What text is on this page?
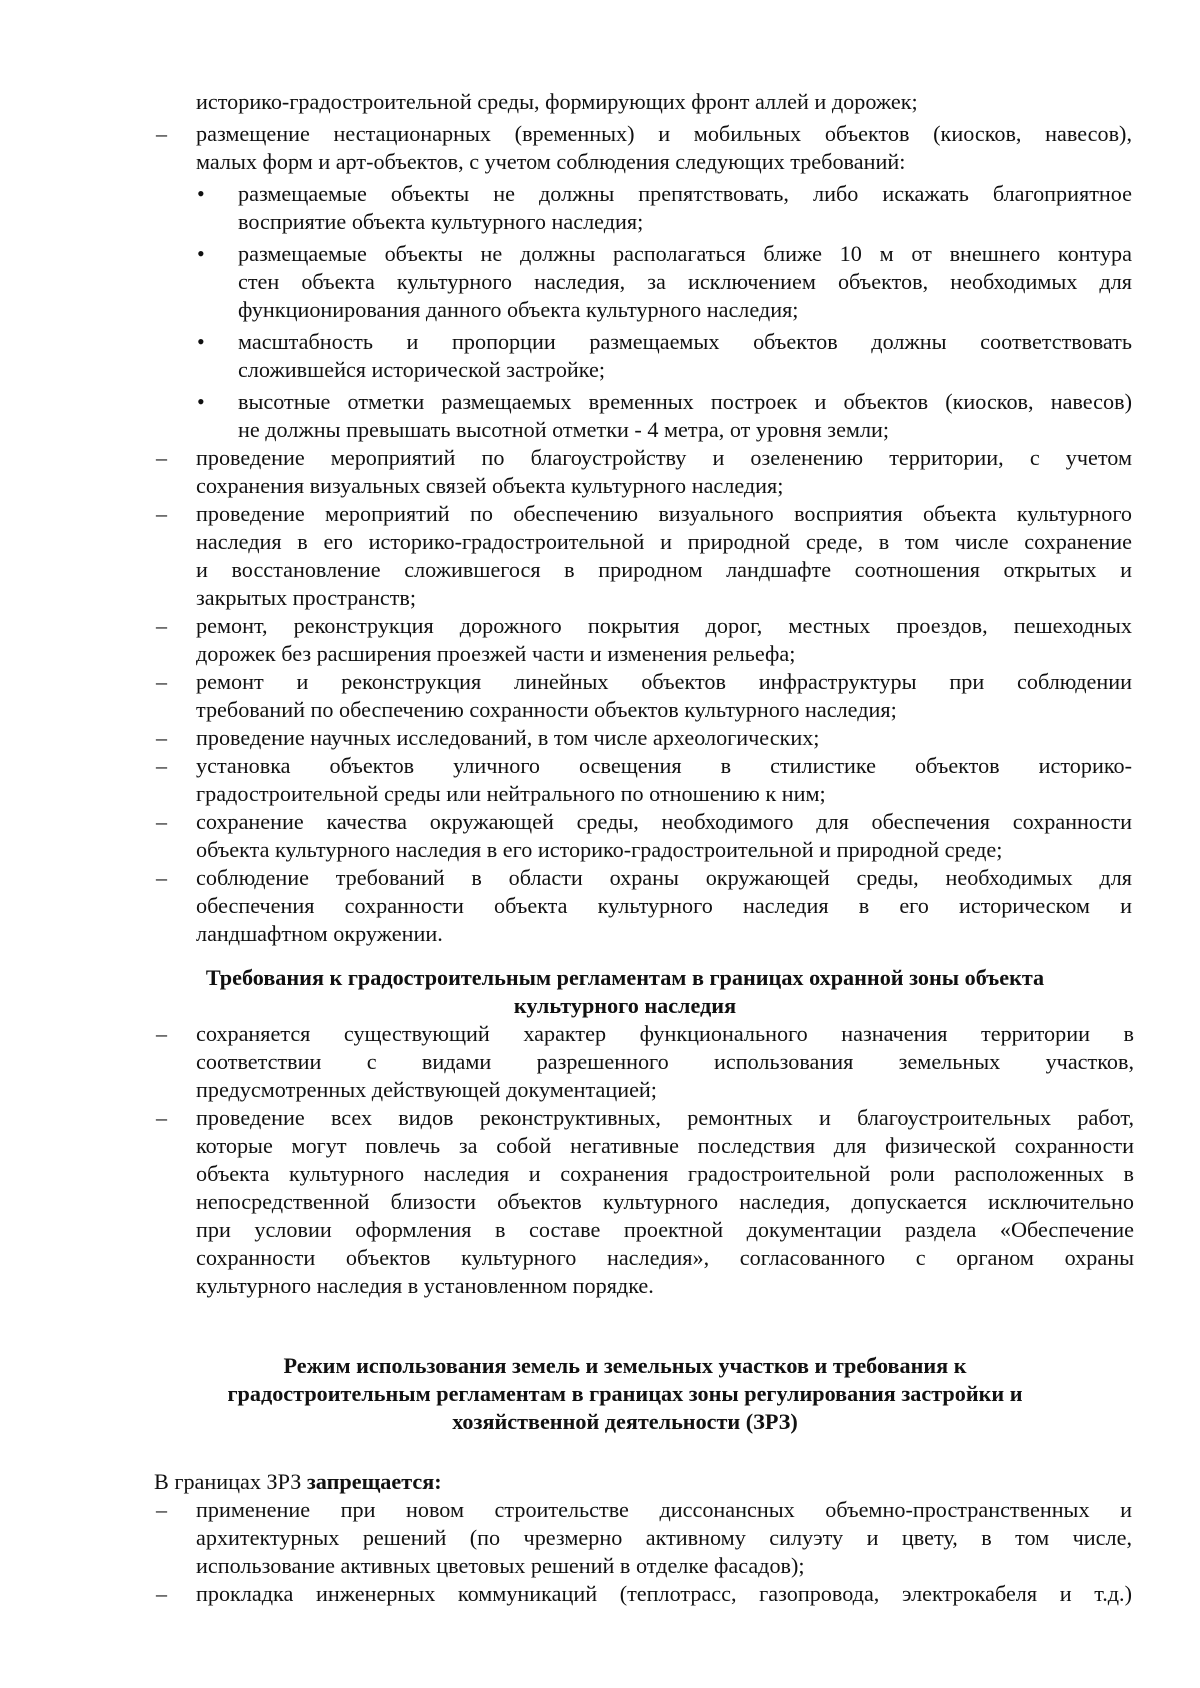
историко-градостроительной среды, формирующих фронт аллей и дорожек;
– размещение нестационарных (временных) и мобильных объектов (киосков, навесов),
малых форм и арт-объектов, с учетом соблюдения следующих требований:
• размещаемые объекты не должны препятствовать, либо искажать благоприятное
восприятие объекта культурного наследия;
• размещаемые объекты не должны располагаться ближе 10 м от внешнего контура
стен объекта культурного наследия, за исключением объектов, необходимых для
функционирования данного объекта культурного наследия;
• масштабность и пропорции размещаемых объектов должны соответствовать
сложившейся исторической застройке;
• высотные отметки размещаемых временных построек и объектов (киосков, навесов)
не должны превышать высотной отметки - 4 метра, от уровня земли;
– проведение мероприятий по благоустройству и озеленению территории, с учетом
сохранения визуальных связей объекта культурного наследия;
– проведение мероприятий по обеспечению визуального восприятия объекта культурного
наследия в его историко-градостроительной и природной среде, в том числе сохранение
и восстановление сложившегося в природном ландшафте соотношения открытых и
закрытых пространств;
– ремонт, реконструкция дорожного покрытия дорог, местных проездов, пешеходных
дорожек без расширения проезжей части и изменения рельефа;
– ремонт и реконструкция линейных объектов инфраструктуры при соблюдении
требований по обеспечению сохранности объектов культурного наследия;
– проведение научных исследований, в том числе археологических;
– установка объектов уличного освещения в стилистике объектов историко-
градостроительной среды или нейтрального по отношению к ним;
– сохранение качества окружающей среды, необходимого для обеспечения сохранности
объекта культурного наследия в его историко-градостроительной и природной среде;
– соблюдение требований в области охраны окружающей среды, необходимых для
обеспечения сохранности объекта культурного наследия в его историческом и
ландшафтном окружении.
Требования к градостроительным регламентам в границах охранной зоны объекта
культурного наследия
– сохраняется существующий характер функционального назначения территории в
соответствии с видами разрешенного использования земельных участков,
предусмотренных действующей документацией;
– проведение всех видов реконструктивных, ремонтных и благоустроительных работ,
которые могут повлечь за собой негативные последствия для физической сохранности
объекта культурного наследия и сохранения градостроительной роли расположенных в
непосредственной близости объектов культурного наследия, допускается исключительно
при условии оформления в составе проектной документации раздела «Обеспечение
сохранности объектов культурного наследия», согласованного с органом охраны
культурного наследия в установленном порядке.
Режим использования земель и земельных участков и требования к
градостроительным регламентам в границах зоны регулирования застройки и
хозяйственной деятельности (ЗРЗ)
В границах ЗРЗ запрещается:
– применение при новом строительстве диссонансных объемно-пространственных и
архитектурных решений (по чрезмерно активному силуэту и цвету, в том числе,
использование активных цветовых решений в отделке фасадов);
– прокладка инженерных коммуникаций (теплотрасс, газопровода, электрокабеля и т.д.)
